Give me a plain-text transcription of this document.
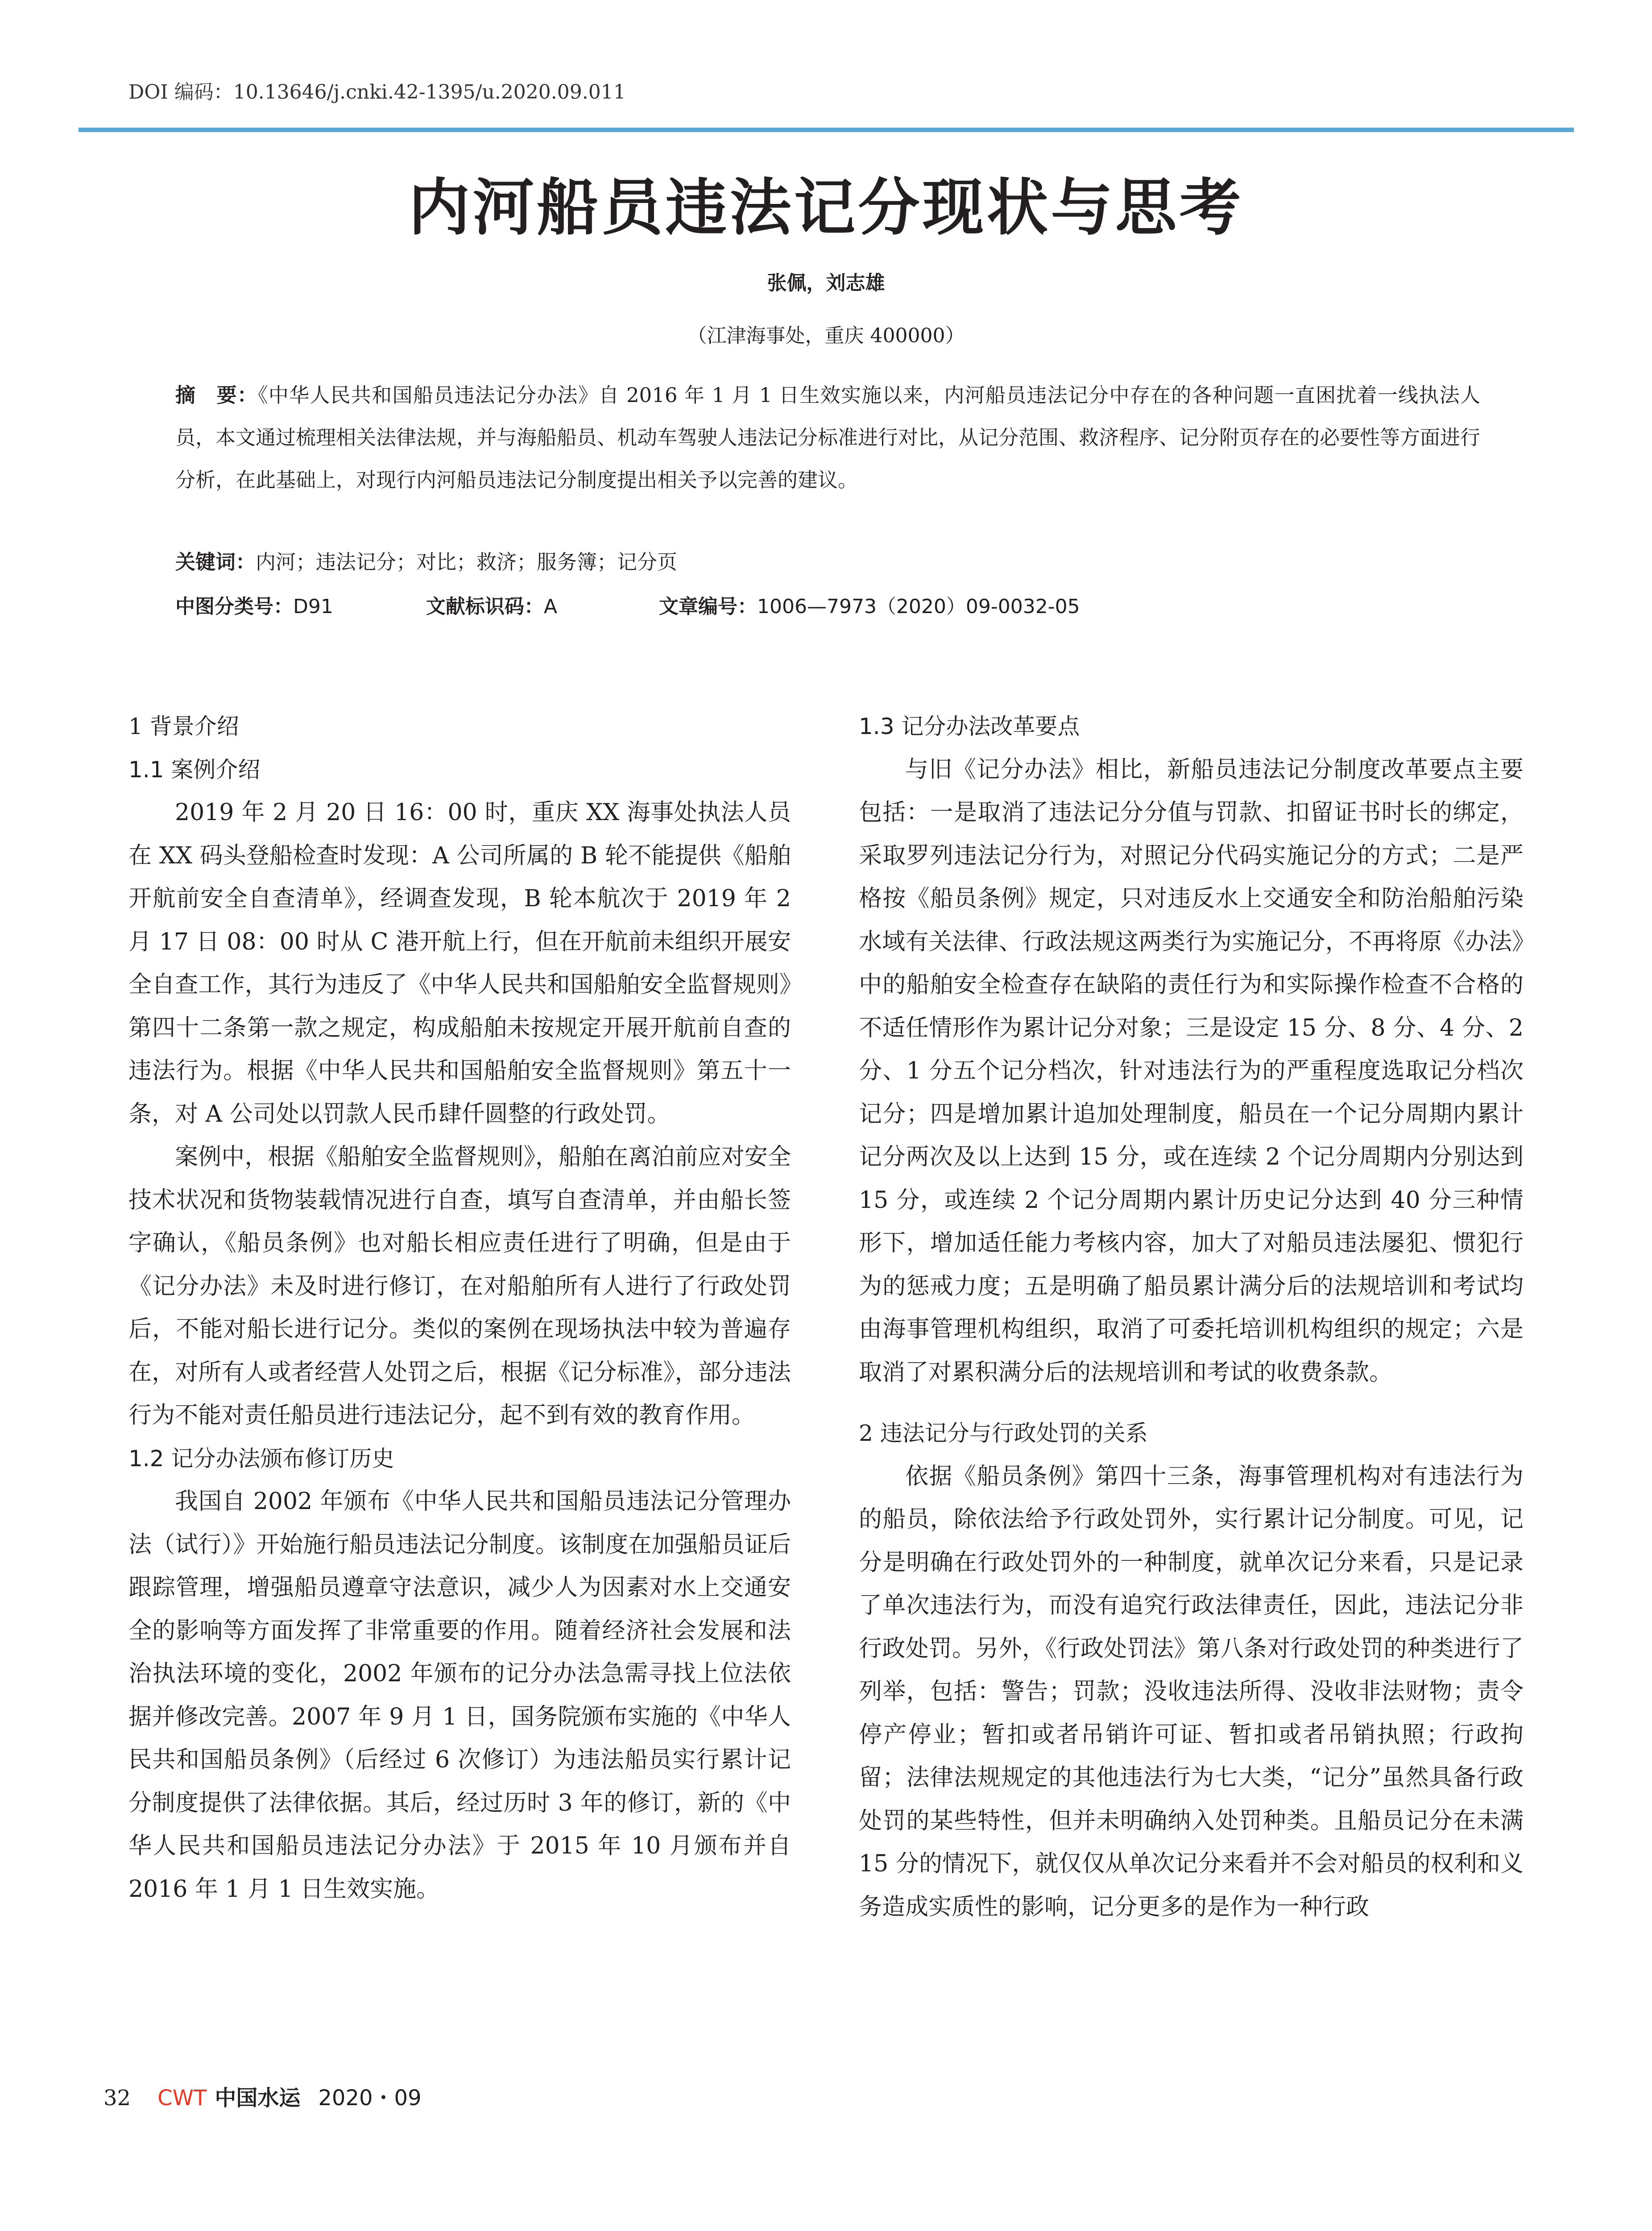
DOI 编码：10.13646/j.cnki.42-1395/u.2020.09.011
内河船员违法记分现状与思考
张佩，刘志雄
（江津海事处，重庆 400000）
摘　要：《中华人民共和国船员违法记分办法》自 2016 年 1 月 1 日生效实施以来，内河船员违法记分中存在的各种问题一直困扰着一线执法人员，本文通过梳理相关法律法规，并与海船船员、机动车驾驶人违法记分标准进行对比，从记分范围、救济程序、记分附页存在的必要性等方面进行分析，在此基础上，对现行内河船员违法记分制度提出相关予以完善的建议。
关键词：内河；违法记分；对比；救济；服务簿；记分页
中图分类号：D91	文献标识码：A	文章编号：1006—7973（2020）09-0032-05
1 背景介绍
1.1 案例介绍

2019 年 2 月 20 日 16：00 时，重庆 XX 海事处执法人员在 XX 码头登船检查时发现：A 公司所属的 B 轮不能提供《船舶开航前安全自查清单》，经调查发现，B 轮本航次于 2019 年 2 月 17 日 08：00 时从 C 港开航上行，但在开航前未组织开展安全自查工作，其行为违反了《中华人民共和国船舶安全监督规则》第四十二条第一款之规定，构成船舶未按规定开展开航前自查的违法行为。根据《中华人民共和国船舶安全监督规则》第五十一条，对 A 公司处以罚款人民币肆仟圆整的行政处罚。

案例中，根据《船舶安全监督规则》，船舶在离泊前应对安全技术状况和货物装载情况进行自查，填写自查清单，并由船长签字确认，《船员条例》也对船长相应责任进行了明确，但是由于《记分办法》未及时进行修订，在对船舶所有人进行了行政处罚后，不能对船长进行记分。类似的案例在现场执法中较为普遍存在，对所有人或者经营人处罚之后，根据《记分标准》，部分违法行为不能对责任船员进行违法记分，起不到有效的教育作用。

1.2 记分办法颁布修订历史

我国自 2002 年颁布《中华人民共和国船员违法记分管理办法（试行）》开始施行船员违法记分制度。该制度在加强船员证后跟踪管理，增强船员遵章守法意识，减少人为因素对水上交通安全的影响等方面发挥了非常重要的作用。随着经济社会发展和法治执法环境的变化，2002 年颁布的记分办法急需寻找上位法依据并修改完善。2007 年 9 月 1 日，国务院颁布实施的《中华人民共和国船员条例》（后经过 6 次修订）为违法船员实行累计记分制度提供了法律依据。其后，经过历时 3 年的修订，新的《中华人民共和国船员违法记分办法》于 2015 年 10 月颁布并自 2016 年 1 月 1 日生效实施。

1.3 记分办法改革要点

与旧《记分办法》相比，新船员违法记分制度改革要点主要包括：一是取消了违法记分分值与罚款、扣留证书时长的绑定，采取罗列违法记分行为，对照记分代码实施记分的方式；二是严格按《船员条例》规定，只对违反水上交通安全和防治船舶污染水域有关法律、行政法规这两类行为实施记分，不再将原《办法》中的船舶安全检查存在缺陷的责任行为和实际操作检查不合格的不适任情形作为累计记分对象；三是设定 15 分、8 分、4 分、2 分、1 分五个记分档次，针对违法行为的严重程度选取记分档次记分；四是增加累计追加处理制度，船员在一个记分周期内累计记分两次及以上达到 15 分，或在连续 2 个记分周期内分别达到 15 分，或连续 2 个记分周期内累计历史记分达到 40 分三种情形下，增加适任能力考核内容，加大了对船员违法屡犯、惯犯行为的惩戒力度；五是明确了船员累计满分后的法规培训和考试均由海事管理机构组织，取消了可委托培训机构组织的规定；六是取消了对累积满分后的法规培训和考试的收费条款。

2 违法记分与行政处罚的关系

依据《船员条例》第四十三条，海事管理机构对有违法行为的船员，除依法给予行政处罚外，实行累计记分制度。可见，记分是明确在行政处罚外的一种制度，就单次记分来看，只是记录了单次违法行为，而没有追究行政法律责任，因此，违法记分非行政处罚。另外，《行政处罚法》第八条对行政处罚的种类进行了列举，包括：警告；罚款；没收违法所得、没收非法财物；责令停产停业；暂扣或者吊销许可证、暂扣或者吊销执照；行政拘留；法律法规规定的其他违法行为七大类，“记分”虽然具备行政处罚的某些特性，但并未明确纳入处罚种类。且船员记分在未满 15 分的情况下，就仅仅从单次记分来看并不会对船员的权利和义务造成实质性的影响，记分更多的是作为一种行政

32 CWT 中国水运 2020・09
